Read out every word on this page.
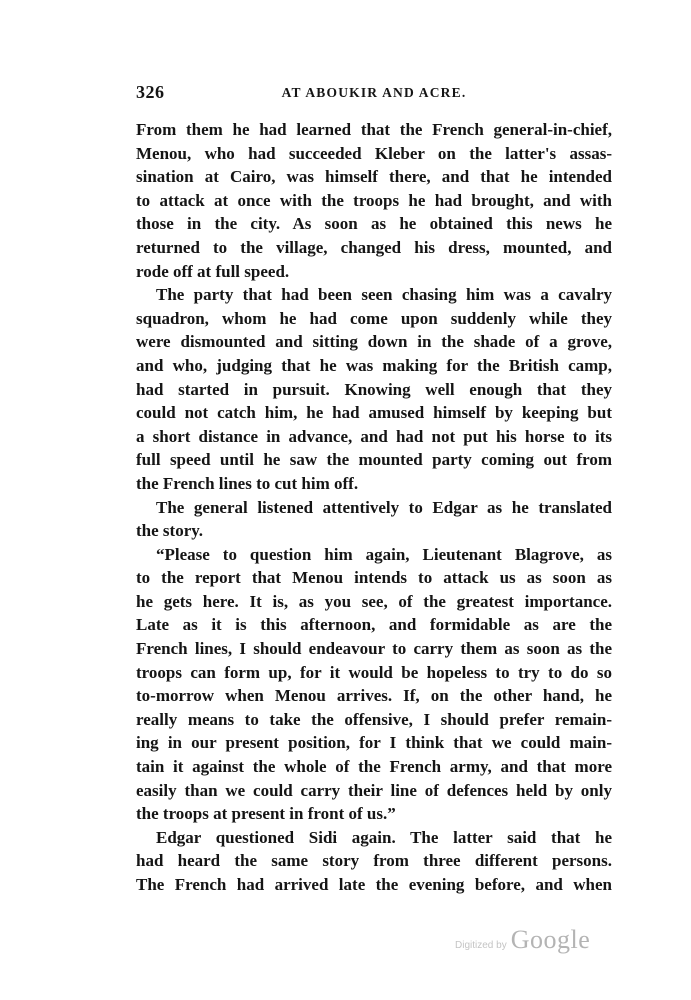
326	AT ABOUKIR AND ACRE.

From them he had learned that the French general-in-chief,
Menou, who had succeeded Kleber on the latter's assas-
sination at Cairo, was himself there, and that he intended
to attack at once with the troops he had brought, and with
those in the city. As soon as he obtained this news he
returned to the village, changed his dress, mounted, and
rode off at full speed.

The party that had been seen chasing him was a cavalry
squadron, whom he had come upon suddenly while they
were dismounted and sitting down in the shade of a grove,
and who, judging that he was making for the British camp,
had started in pursuit. Knowing well enough that they
could not catch him, he had amused himself by keeping but
a short distance in advance, and had not put his horse to its
full speed until he saw the mounted party coming out from
the French lines to cut him off.

The general listened attentively to Edgar as he translated
the story.

“Please to question him again, Lieutenant Blagrove, as
to the report that Menou intends to attack us as soon as
he gets here. It is, as you see, of the greatest importance.
Late as it is this afternoon, and formidable as are the
French lines, I should endeavour to carry them as soon as the
troops can form up, for it would be hopeless to try to do so
to-morrow when Menou arrives. If, on the other hand, he
really means to take the offensive, I should prefer remain-
ing in our present position, for I think that we could main-
tain it against the whole of the French army, and that more
easily than we could carry their line of defences held by only
the troops at present in front of us.”

Edgar questioned Sidi again. The latter said that he
had heard the same story from three different persons.
The French had arrived late the evening before, and when

Digitized by Google
